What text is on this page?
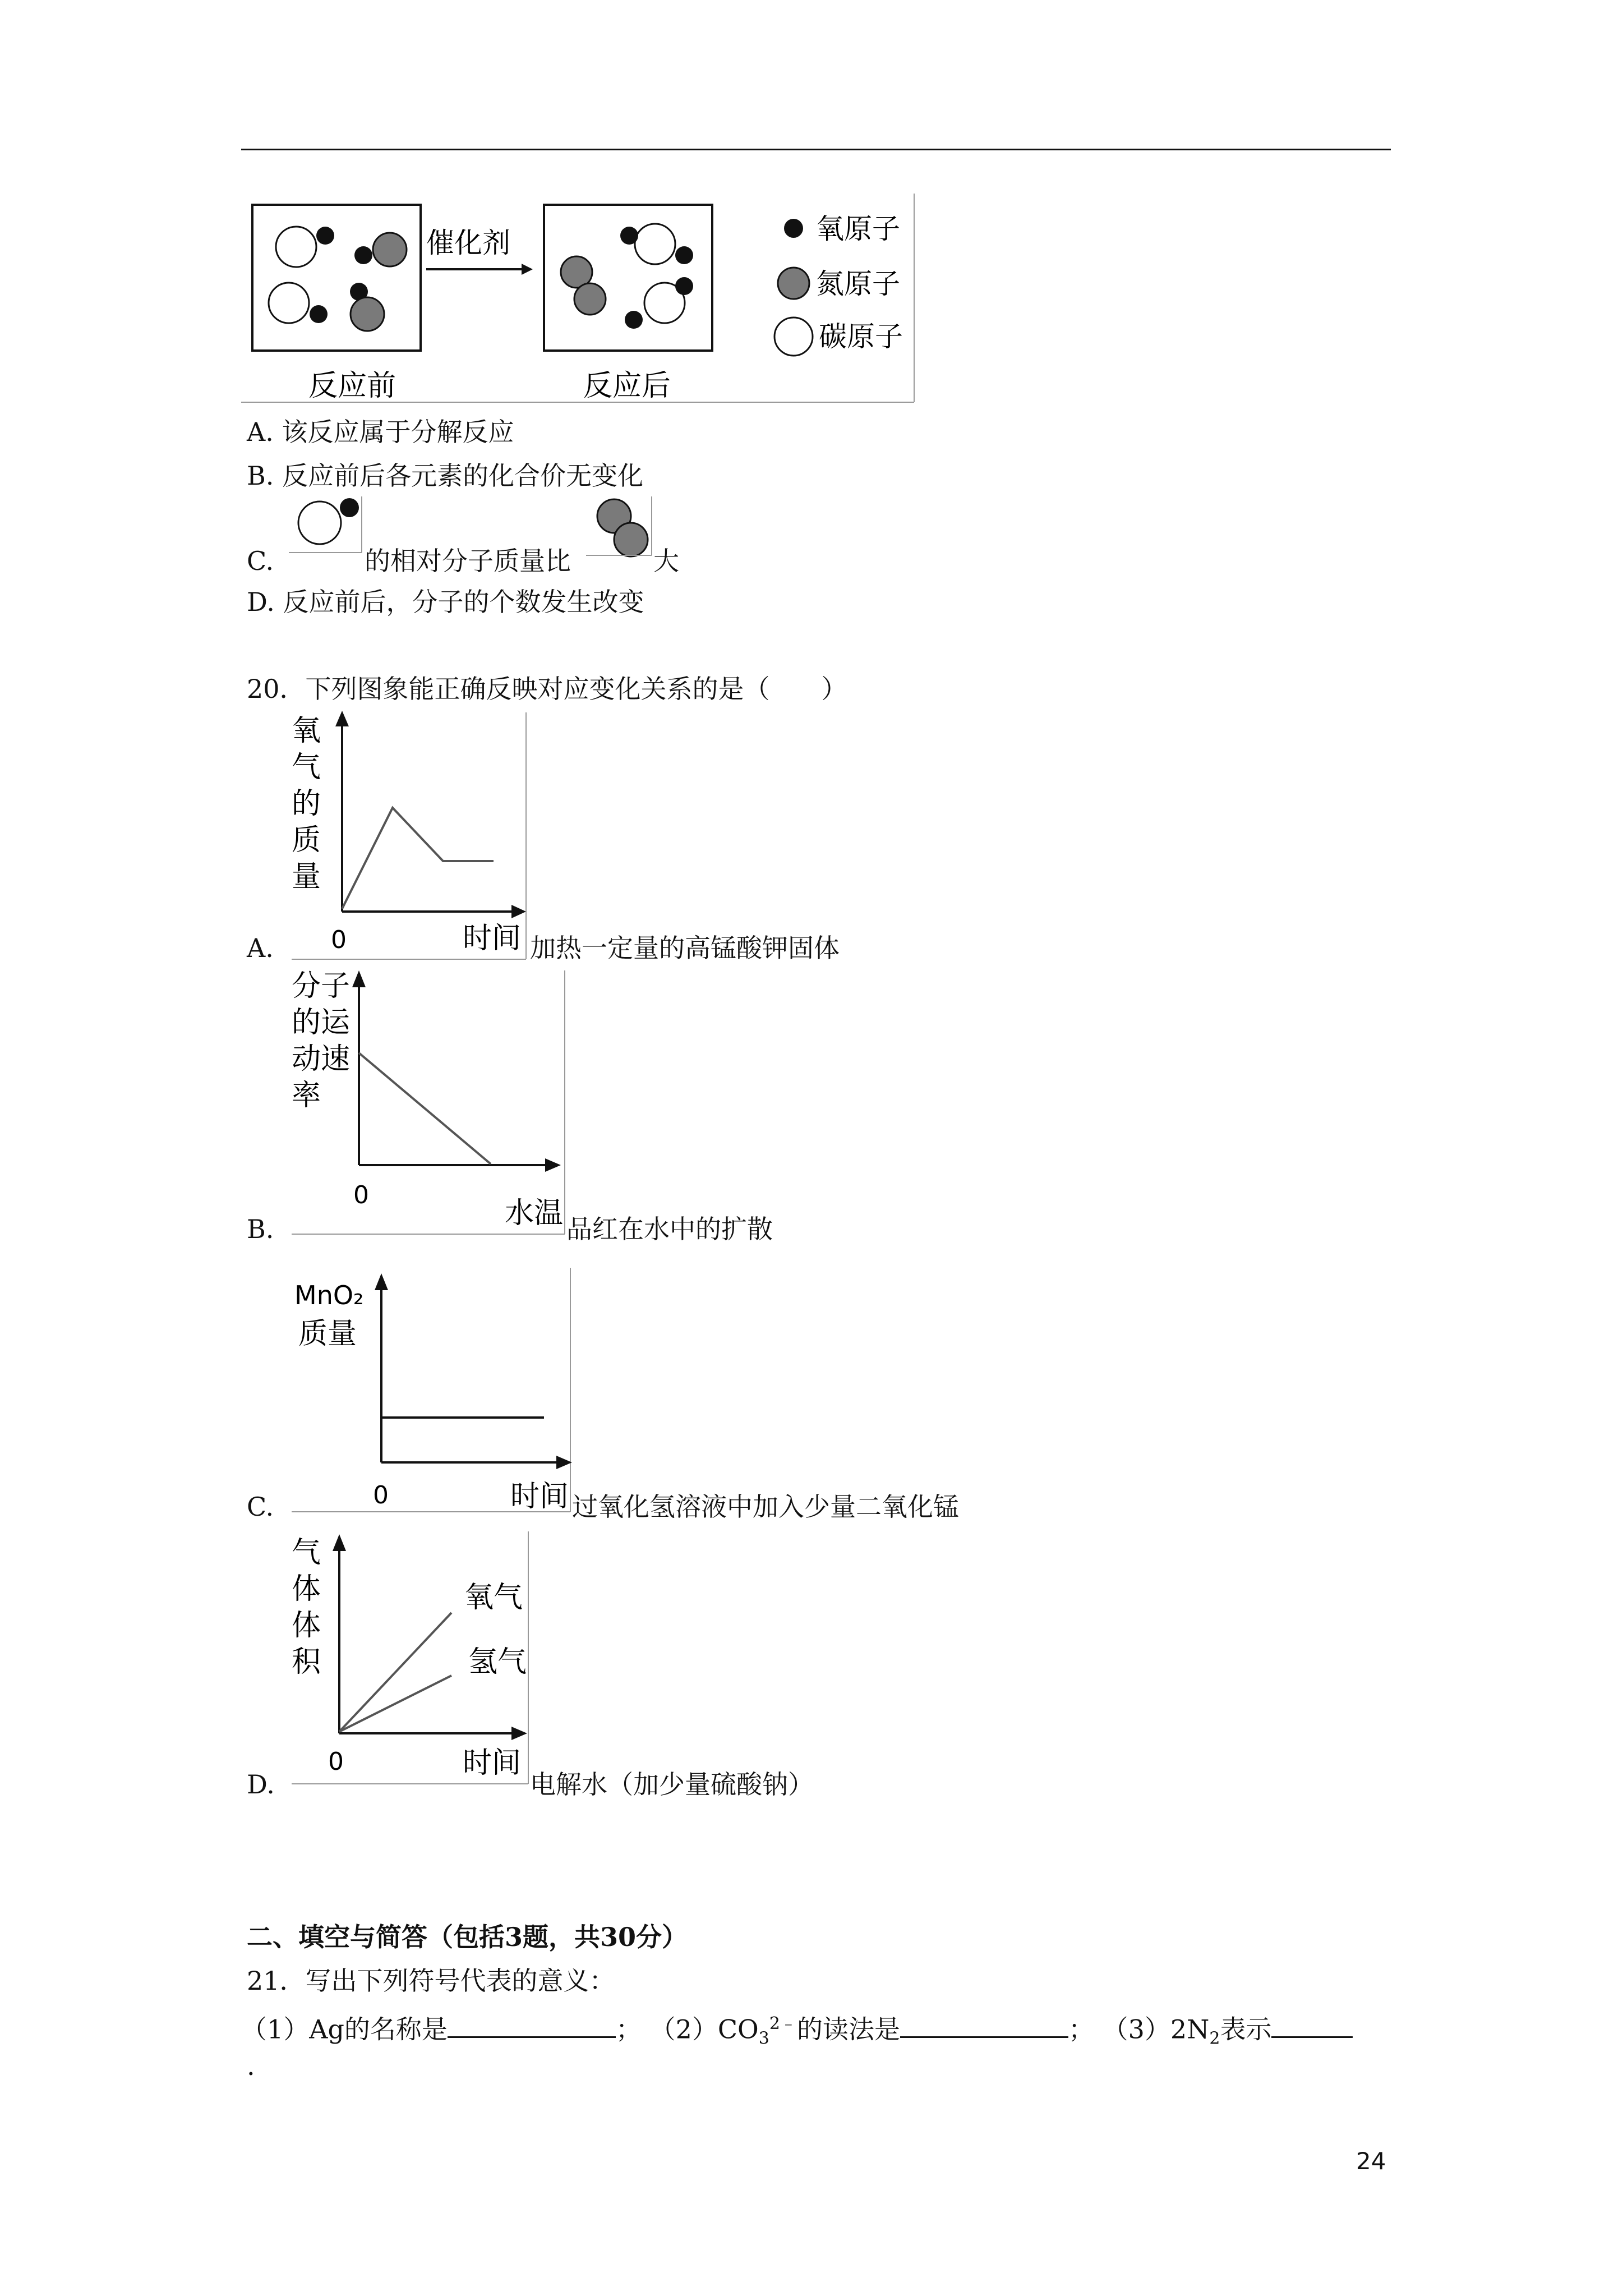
催化剂
反应前	反应后
氧原子
氮原子
碳原子
A. 该反应属于分解反应
B. 反应前后各元素的化合价无变化
C.	的相对分子质量比	大
D. 反应前后，分子的个数发生改变
20．下列图象能正确反映对应变化关系的是（　　）
氧
气
的
质
量
0	时间
A.	加热一定量的高锰酸钾固体
分子
的运
动速
率
0
水温
B.	品红在水中的扩散
MnO₂
质量
0	时间
C.	过氧化氢溶液中加入少量二氧化锰
氧气
氢气
气
体
体
积
0	时间
D.	电解水（加少量硫酸钠）
二、填空与简答（包括3题，共30分）
21．写出下列符号代表的意义：
（1）Ag的名称是	； $(2)CO_3^{2﹣}$的读法是	； $(3)2N_2$表示
.
24
